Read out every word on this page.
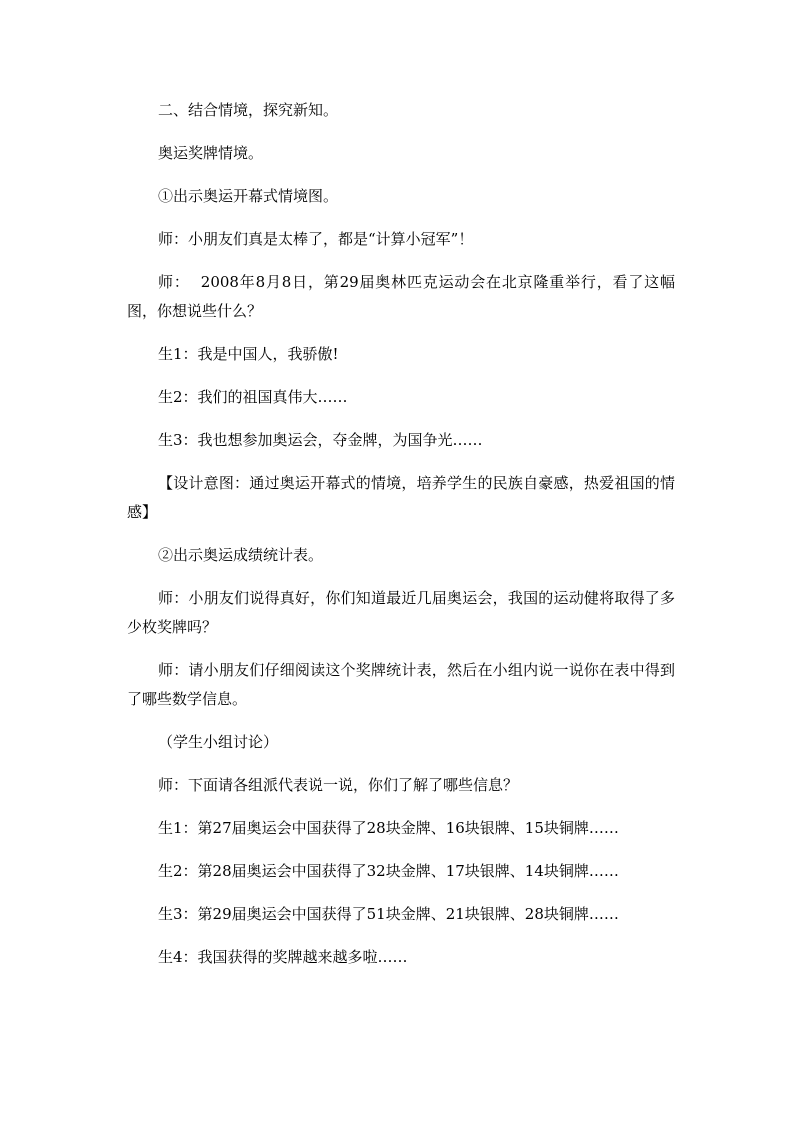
二、结合情境，探究新知。

奥运奖牌情境。

①出示奥运开幕式情境图。

师：小朋友们真是太棒了，都是“计算小冠军”！

师：  2008年8月8日，第29届奥林匹克运动会在北京隆重举行，看了这幅图，你想说些什么？

生1：我是中国人，我骄傲!

生2：我们的祖国真伟大……

生3：我也想参加奥运会，夺金牌，为国争光……

【设计意图：通过奥运开幕式的情境，培养学生的民族自豪感，热爱祖国的情感】

②出示奥运成绩统计表。

师：小朋友们说得真好，你们知道最近几届奥运会，我国的运动健将取得了多少枚奖牌吗？

师：请小朋友们仔细阅读这个奖牌统计表，然后在小组内说一说你在表中得到了哪些数学信息。

（学生小组讨论）

师：下面请各组派代表说一说，你们了解了哪些信息？

生1：第27届奥运会中国获得了28块金牌、16块银牌、15块铜牌……

生2：第28届奥运会中国获得了32块金牌、17块银牌、14块铜牌……

生3：第29届奥运会中国获得了51块金牌、21块银牌、28块铜牌……

生4：我国获得的奖牌越来越多啦……
